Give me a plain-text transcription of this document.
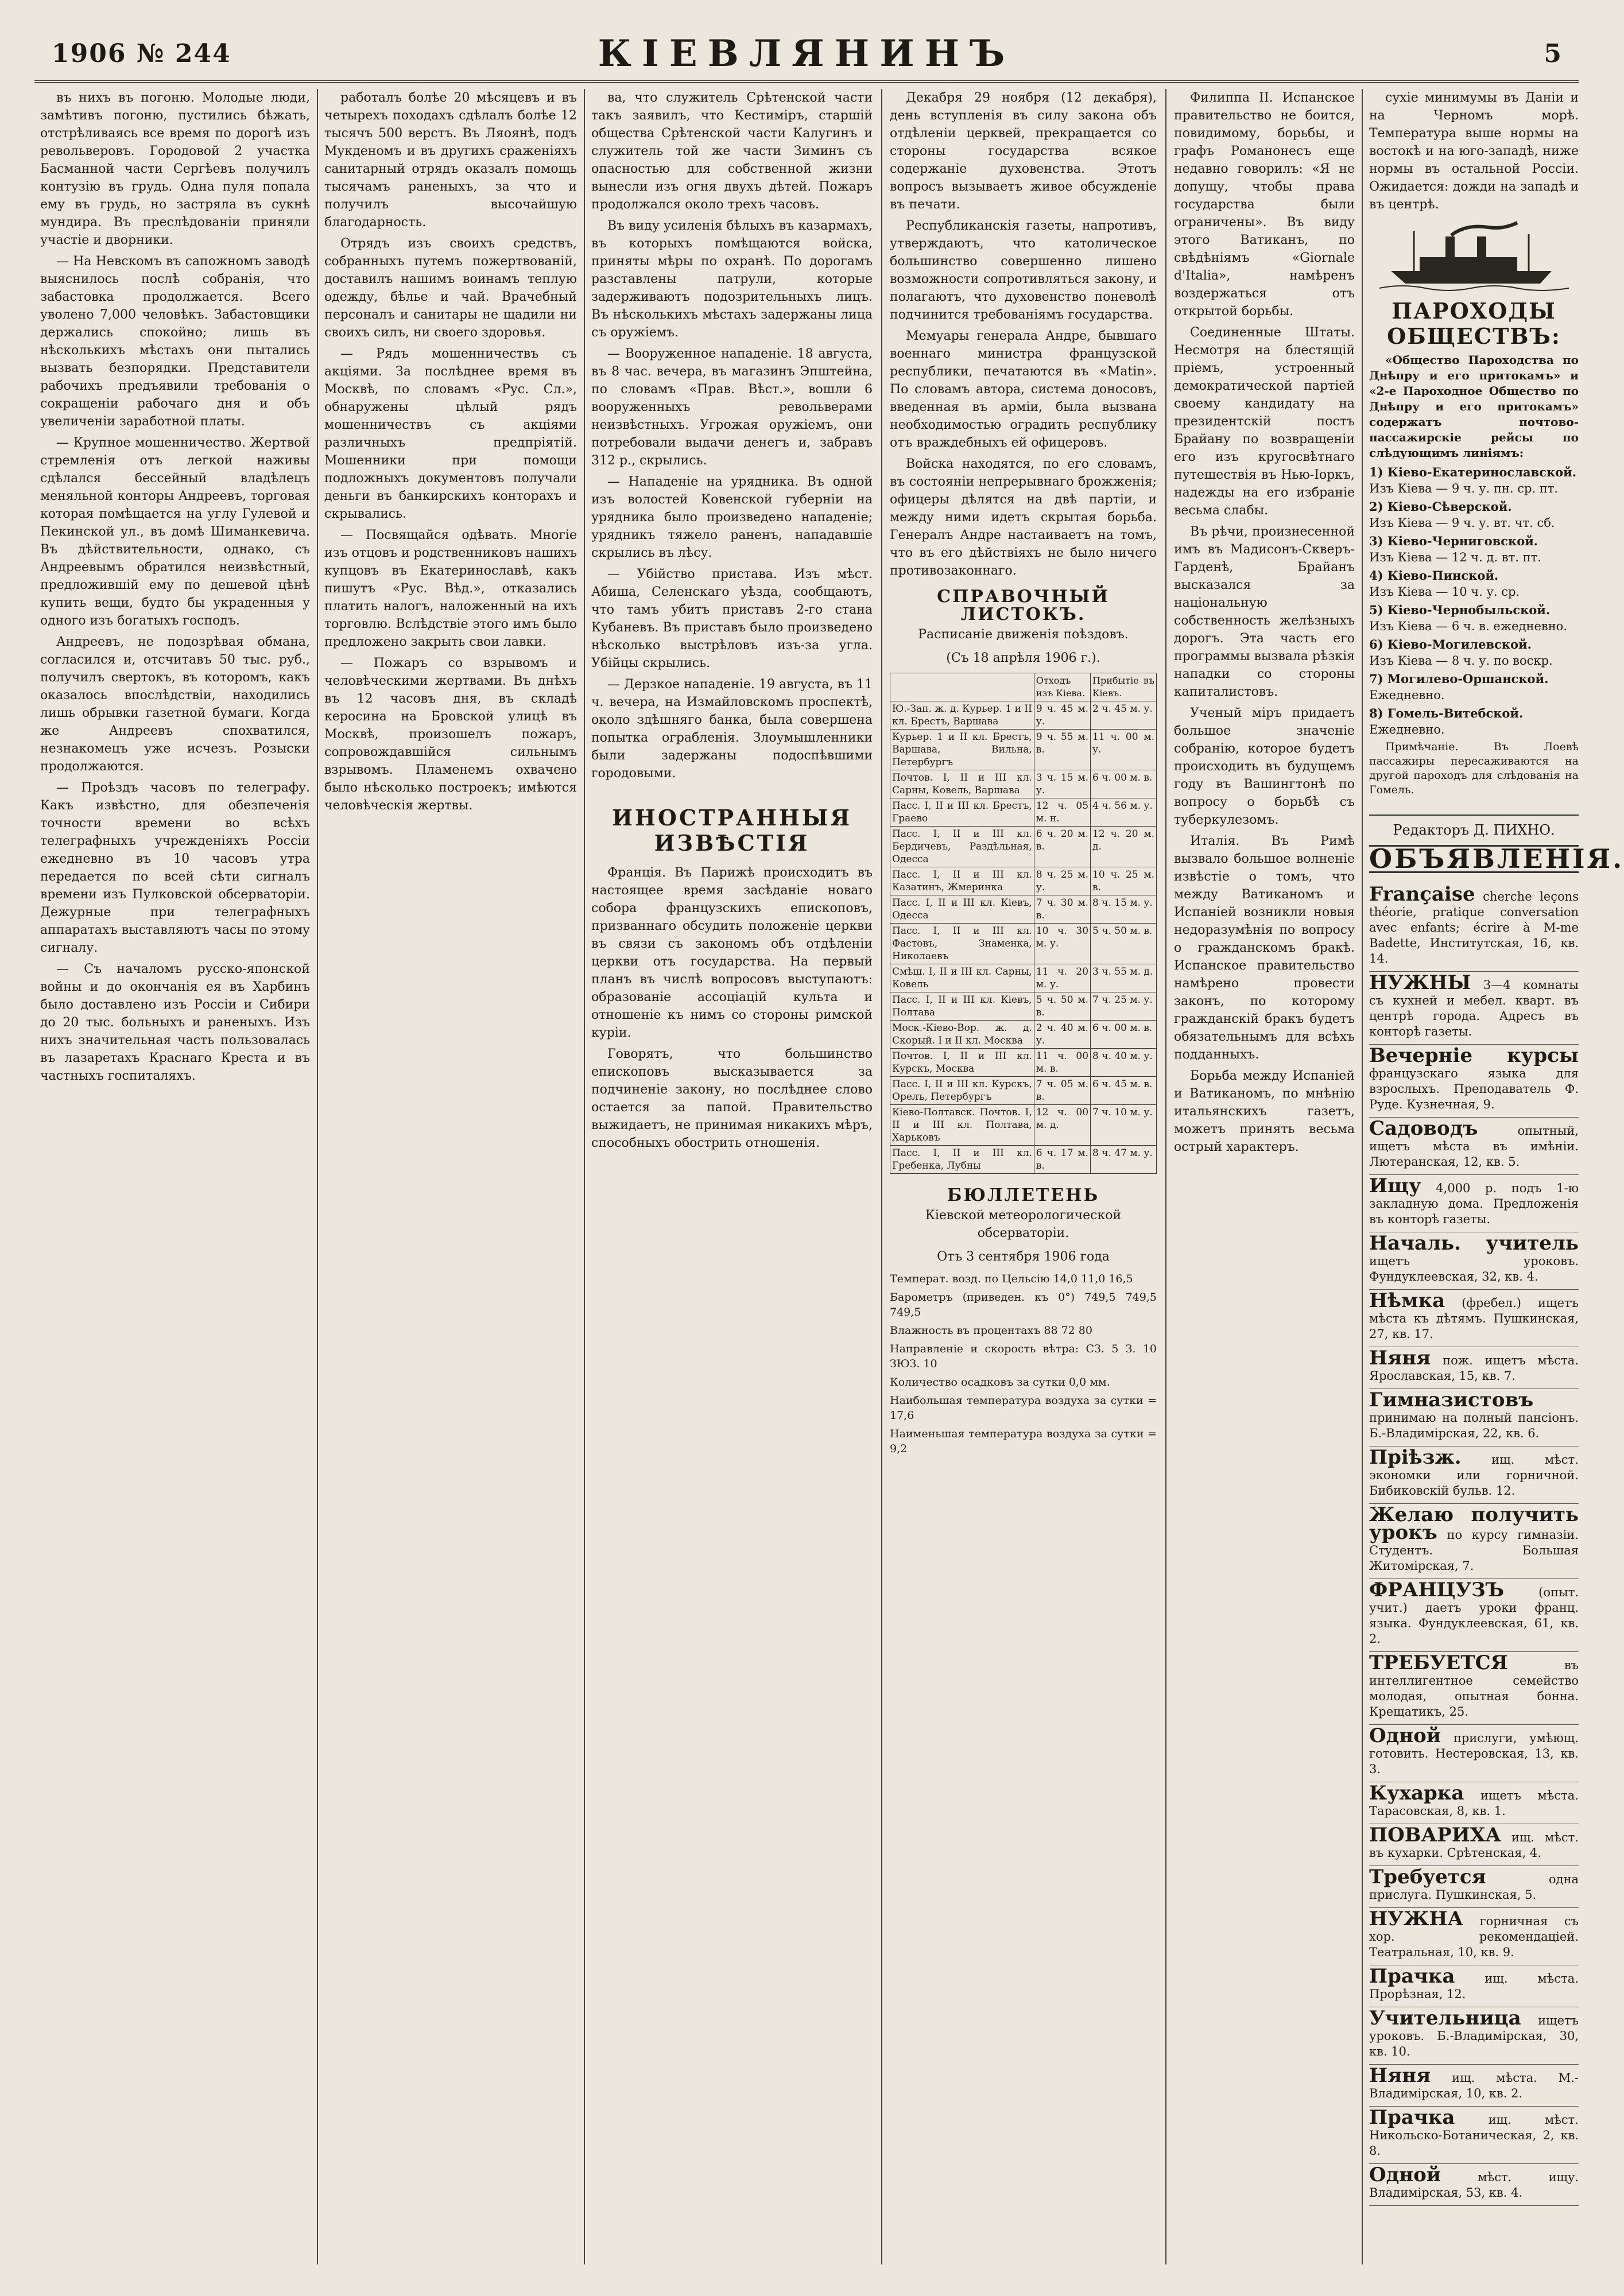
1906 № 244	КІЕВЛЯНИНЪ	5

въ нихъ въ погоню. Молодые люди, замѣтивъ погоню, пустились бѣжать, отстрѣливаясь все время по дорогѣ изъ револьверовъ. Городовой 2 участка Басманной части Сергѣевъ получилъ контузію въ грудь. Одна пуля попала ему въ грудь, но застряла въ сукнѣ мундира. Въ преслѣдованіи приняли участіе и дворники.

— На Невскомъ въ сапожномъ заводѣ выяснилось послѣ собранія, что забастовка продолжается. Всего уволено 7,000 человѣкъ. Забастовщики держались спокойно; лишь въ нѣсколькихъ мѣстахъ они пытались вызвать безпорядки. Представители рабочихъ предъявили требованія о сокращеніи рабочаго дня и объ увеличеніи заработной платы.

— Крупное мошенничество. Жертвой стремленія отъ легкой наживы сдѣлался бессейный владѣлецъ меняльной конторы Андреевъ, торговая которая помѣщается на углу Гулевой и Пекинской ул., въ домѣ Шиманкевича. Въ дѣйствительности, однако, съ Андреевымъ обратился неизвѣстный, предложившій ему по дешевой цѣнѣ купить вещи, будто бы украденныя у одного изъ богатыхъ господъ.

Андреевъ, не подозрѣвая обмана, согласился и, отсчитавъ 50 тыс. руб., получилъ свертокъ, въ которомъ, какъ оказалось впослѣдствіи, находились лишь обрывки газетной бумаги. Когда же Андреевъ спохватился, незнакомецъ уже исчезъ. Розыски продолжаются.

— Проѣздъ часовъ по телеграфу. Какъ извѣстно, для обезпеченія точности времени во всѣхъ телеграфныхъ учрежденіяхъ Россіи ежедневно въ 10 часовъ утра передается по всей сѣти сигналъ времени изъ Пулковской обсерваторіи. Дежурные при телеграфныхъ аппаратахъ выставляютъ часы по этому сигналу.

— Съ началомъ русско-японской войны и до окончанія ея въ Харбинъ было доставлено изъ Россіи и Сибири до 20 тыс. больныхъ и раненыхъ. Изъ нихъ значительная часть пользовалась въ лазаретахъ Краснаго Креста и въ частныхъ госпиталяхъ.

работалъ болѣе 20 мѣсяцевъ и въ четырехъ походахъ сдѣлалъ болѣе 12 тысячъ 500 верстъ. Въ Ляоянѣ, подъ Мукденомъ и въ другихъ сраженіяхъ санитарный отрядъ оказалъ помощь тысячамъ раненыхъ, за что и получилъ высочайшую благодарность.

Отрядъ изъ своихъ средствъ, собранныхъ путемъ пожертвованій, доставилъ нашимъ воинамъ теплую одежду, бѣлье и чай. Врачебный персоналъ и санитары не щадили ни своихъ силъ, ни своего здоровья.

— Рядъ мошенничествъ съ акціями. За послѣднее время въ Москвѣ, по словамъ «Рус. Сл.», обнаружены цѣлый рядъ мошенничествъ съ акціями различныхъ предпріятій. Мошенники при помощи подложныхъ документовъ получали деньги въ банкирскихъ конторахъ и скрывались.

— Посвящайся одѣвать. Многіе изъ отцовъ и родственниковъ нашихъ купцовъ въ Екатеринославѣ, какъ пишутъ «Рус. Вѣд.», отказались платить налогъ, наложенный на ихъ торговлю. Вслѣдствіе этого имъ было предложено закрыть свои лавки.

— Пожаръ со взрывомъ и человѣческими жертвами. Въ днѣхъ въ 12 часовъ дня, въ складѣ керосина на Бровской улицѣ въ Москвѣ, произошелъ пожаръ, сопровождавшійся сильнымъ взрывомъ. Пламенемъ охвачено было нѣсколько построекъ; имѣются человѣческія жертвы.

ва, что служитель Срѣтенской части такъ заявилъ, что Кестиміръ, старшій общества Срѣтенской части Калугинъ и служитель той же части Зиминъ съ опасностью для собственной жизни вынесли изъ огня двухъ дѣтей. Пожаръ продолжался около трехъ часовъ.

Въ виду усиленія бѣлыхъ въ казармахъ, въ которыхъ помѣщаются войска, приняты мѣры по охранѣ. По дорогамъ разставлены патрули, которые задерживаютъ подозрительныхъ лицъ. Въ нѣсколькихъ мѣстахъ задержаны лица съ оружіемъ.

— Вооруженное нападеніе. 18 августа, въ 8 час. вечера, въ магазинъ Эпштейна, по словамъ «Прав. Вѣст.», вошли 6 вооруженныхъ револьверами неизвѣстныхъ. Угрожая оружіемъ, они потребовали выдачи денегъ и, забравъ 312 р., скрылись.

— Нападеніе на урядника. Въ одной изъ волостей Ковенской губерніи на урядника было произведено нападеніе; урядникъ тяжело раненъ, нападавшіе скрылись въ лѣсу.

— Убійство пристава. Изъ мѣст. Абиша, Селенскаго уѣзда, сообщаютъ, что тамъ убитъ приставъ 2-го стана Кубаневъ. Въ приставъ было произведено нѣсколько выстрѣловъ изъ-за угла. Убійцы скрылись.

— Дерзкое нападеніе. 19 августа, въ 11 ч. вечера, на Измайловскомъ проспектѣ, около здѣшняго банка, была совершена попытка ограбленія. Злоумышленники были задержаны подоспѣвшими городовыми.

ИНОСТРАННЫЯ ИЗВѢСТІЯ

Франція. Въ Парижѣ происходитъ въ настоящее время засѣданіе новаго собора французскихъ епископовъ, призваннаго обсудить положеніе церкви въ связи съ закономъ объ отдѣленіи церкви отъ государства. На первый планъ въ числѣ вопросовъ выступаютъ: образованіе ассоціацій культа и отношеніе къ нимъ со стороны римской куріи.

Говорятъ, что большинство епископовъ высказывается за подчиненіе закону, но послѣднее слово остается за папой. Правительство выжидаетъ, не принимая никакихъ мѣръ, способныхъ обострить отношенія.

Декабря 29 ноября (12 декабря), день вступленія въ силу закона объ отдѣленіи церквей, прекращается со стороны государства всякое содержаніе духовенства. Этотъ вопросъ вызываетъ живое обсужденіе въ печати.

Республиканскія газеты, напротивъ, утверждаютъ, что католическое большинство совершенно лишено возможности сопротивляться закону, и полагаютъ, что духовенство поневолѣ подчинится требованіямъ государства.

Мемуары генерала Андре, бывшаго военнаго министра французской республики, печатаются въ «Matin». По словамъ автора, система доносовъ, введенная въ арміи, была вызвана необходимостью оградить республику отъ враждебныхъ ей офицеровъ.

Войска находятся, по его словамъ, въ состояніи непрерывнаго брожженія; офицеры дѣлятся на двѣ партіи, и между ними идетъ скрытая борьба. Генералъ Андре настаиваетъ на томъ, что въ его дѣйствіяхъ не было ничего противозаконнаго.

СПРАВОЧНЫЙ ЛИСТОКЪ.
Расписаніе движенія поѣздовъ.
(Съ 18 апрѣля 1906 г.).
	Отходъ изъ Кіева.	Прибытіе въ Кіевъ.
Ю.-Зап. ж. д. Курьер. 1 и II кл. Брестъ, Варшава	9 ч. 45 м. у.	2 ч. 45 м. у.
Курьер. 1 и II кл. Брестъ, Варшава, Вильна, Петербургъ	9 ч. 55 м. в.	11 ч. 00 м. у.
Почтов. I, II и III кл. Сарны, Ковель, Варшава	3 ч. 15 м. у.	6 ч. 00 м. в.
Пасс. I, II и III кл. Брестъ, Граево	12 ч. 05 м. н.	4 ч. 56 м. у.
Пасс. I, II и III кл. Бердичевъ, Раздѣльная, Одесса	6 ч. 20 м. в.	12 ч. 20 м. д.
Пасс. I, II и III кл. Казатинъ, Жмеринка	8 ч. 25 м. у.	10 ч. 25 м. в.
Пасс. I, II и III кл. Кіевъ, Одесса	7 ч. 30 м. в.	8 ч. 15 м. у.
Пасс. I, II и III кл. Фастовъ, Знаменка, Николаевъ	10 ч. 30 м. у.	5 ч. 50 м. в.
Смѣш. I, II и III кл. Сарны, Ковель	11 ч. 20 м. у.	3 ч. 55 м. д.
Пасс. I, II и III кл. Кіевъ, Полтава	5 ч. 50 м. в.	7 ч. 25 м. у.
Моск.-Кіево-Вор. ж. д. Скорый. I и II кл. Москва	2 ч. 40 м. у.	6 ч. 00 м. в.
Почтов. I, II и III кл. Курскъ, Москва	11 ч. 00 м. в.	8 ч. 40 м. у.
Пасс. I, II и III кл. Курскъ, Орелъ, Петербургъ	7 ч. 05 м. в.	6 ч. 45 м. в.
Кіево-Полтавск. Почтов. I, II и III кл. Полтава, Харьковъ	12 ч. 00 м. д.	7 ч. 10 м. у.
Пасс. I, II и III кл. Гребенка, Лубны	6 ч. 17 м. в.	8 ч. 47 м. у.
БЮЛЛЕТЕНЬ
Кіевской метеорологической обсерваторіи.
Отъ 3 сентября 1906 года

Температ. возд. по Цельсію 14,0 11,0 16,5

Барометръ (приведен. къ 0°) 749,5 749,5 749,5

Влажность въ процентахъ 88 72 80

Направленіе и скорость вѣтра: СЗ. 5 З. 10 ЗЮЗ. 10

Количество осадковъ за сутки 0,0 мм.

Наибольшая температура воздуха за сутки = 17,6

Наименьшая температура воздуха за сутки = 9,2

Филиппа II. Испанское правительство не боится, повидимому, борьбы, и графъ Романонесъ еще недавно говорилъ: «Я не допущу, чтобы права государства были ограничены». Въ виду этого Ватиканъ, по свѣдѣніямъ «Giornale d'Italia», намѣренъ воздержаться отъ открытой борьбы.

Соединенные Штаты. Несмотря на блестящій пріемъ, устроенный демократической партіей своему кандидату на президентскій постъ Брайану по возвращеніи его изъ кругосвѣтнаго путешествія въ Нью-Іоркъ, надежды на его избраніе весьма слабы.

Въ рѣчи, произнесенной имъ въ Мадисонъ-Скверъ-Гарденѣ, Брайанъ высказался за національную собственность желѣзныхъ дорогъ. Эта часть его программы вызвала рѣзкія нападки со стороны капиталистовъ.

Ученый міръ придаетъ большое значеніе собранію, которое будетъ происходить въ будущемъ году въ Вашингтонѣ по вопросу о борьбѣ съ туберкулезомъ.

Италія. Въ Римѣ вызвало большое волненіе извѣстіе о томъ, что между Ватиканомъ и Испаніей возникли новыя недоразумѣнія по вопросу о гражданскомъ бракѣ. Испанское правительство намѣрено провести законъ, по которому гражданскій бракъ будетъ обязательнымъ для всѣхъ подданныхъ.

Борьба между Испаніей и Ватиканомъ, по мнѣнію итальянскихъ газетъ, можетъ принять весьма острый характеръ.

сухіе минимумы въ Даніи и на Черномъ морѣ. Температура выше нормы на востокѣ и на юго-западѣ, ниже нормы въ остальной Россіи. Ожидается: дожди на западѣ и въ центрѣ.

ПАРОХОДЫ ОБЩЕСТВЪ:

«Общество Пароходства по Днѣпру и его притокамъ» и «2-е Пароходное Общество по Днѣпру и его притокамъ» содержатъ почтово-пассажирскіе рейсы по слѣдующимъ линіямъ:

1) Кіево-Екатеринославской.
Изъ Кіева — 9 ч. у. пн. ср. пт.
2) Кіево-Сѣверской.
Изъ Кіева — 9 ч. у. вт. чт. сб.
3) Кіево-Черниговской.
Изъ Кіева — 12 ч. д. вт. пт.
4) Кіево-Пинской.
Изъ Кіева — 10 ч. у. ср.
5) Кіево-Чернобыльской.
Изъ Кіева — 6 ч. в. ежедневно.
6) Кіево-Могилевской.
Изъ Кіева — 8 ч. у. по воскр.
7) Могилево-Оршанской.
Ежедневно.
8) Гомель-Витебской.
Ежедневно.

Примѣчаніе. Въ Лоевѣ пассажиры пересаживаются на другой пароходъ для слѣдованія на Гомель.

Редакторъ Д. ПИХНО.
ОБЪЯВЛЕНІЯ.
Française cherche leçons théorie, pratique conversation avec enfants; écrire à M-me Badette, Институтская, 16, кв. 14.
НУЖНЫ 3—4 комнаты съ кухней и мебел. кварт. въ центрѣ города. Адресъ въ конторѣ газеты.
Вечерніе курсы французскаго языка для взрослыхъ. Преподаватель Ф. Руде. Кузнечная, 9.
Садоводъ	опытный, ищетъ мѣста въ имѣніи. Лютеранская, 12, кв. 5.
Ищу 4,000 р. подъ 1-ю закладную дома. Предложенія въ конторѣ газеты.
Началь. учитель ищетъ уроковъ. Фундуклеевская, 32, кв. 4.
Нѣмка (фребел.) ищетъ мѣста къ дѣтямъ. Пушкинская, 27, кв. 17.
Няня пож. ищетъ мѣста. Ярославская, 15, кв. 7.
Гимназистовъ принимаю на полный пансіонъ. Б.-Владимірская, 22, кв. 6.
Пріѣзж.	ищ. мѣст. экономки или горничной. Бибиковскій бульв. 12.
Желаю получить урокъ по курсу гимназіи. Студентъ. Большая Житомірская, 7.
ФРАНЦУЗЪ	(опыт. учит.) даетъ уроки франц. языка. Фундуклеевская, 61, кв. 2.
ТРЕБУЕТСЯ	въ интеллигентное семейство молодая, опытная бонна. Крещатикъ, 25.
Одной прислуги, умѣющ. готовить. Нестеровская, 13, кв. 3.
Кухарка ищетъ мѣста. Тарасовская, 8, кв. 1.
ПОВАРИХА ищ. мѣст. въ кухарки. Срѣтенская, 4.
Требуется	одна прислуга. Пушкинская, 5.
НУЖНА горничная съ хор. рекомендаціей. Театральная, 10, кв. 9.
Прачка ищ. мѣста. Прорѣзная, 12.
Учительница ищетъ уроковъ. Б.-Владимірская, 30, кв. 10.
Няня ищ. мѣста. М.-Владимірская, 10, кв. 2.
Прачка	ищ. мѣст. Никольско-Ботаническая, 2, кв. 8.
Одной	мѣст. ищу. Владимірская, 53, кв. 4.
